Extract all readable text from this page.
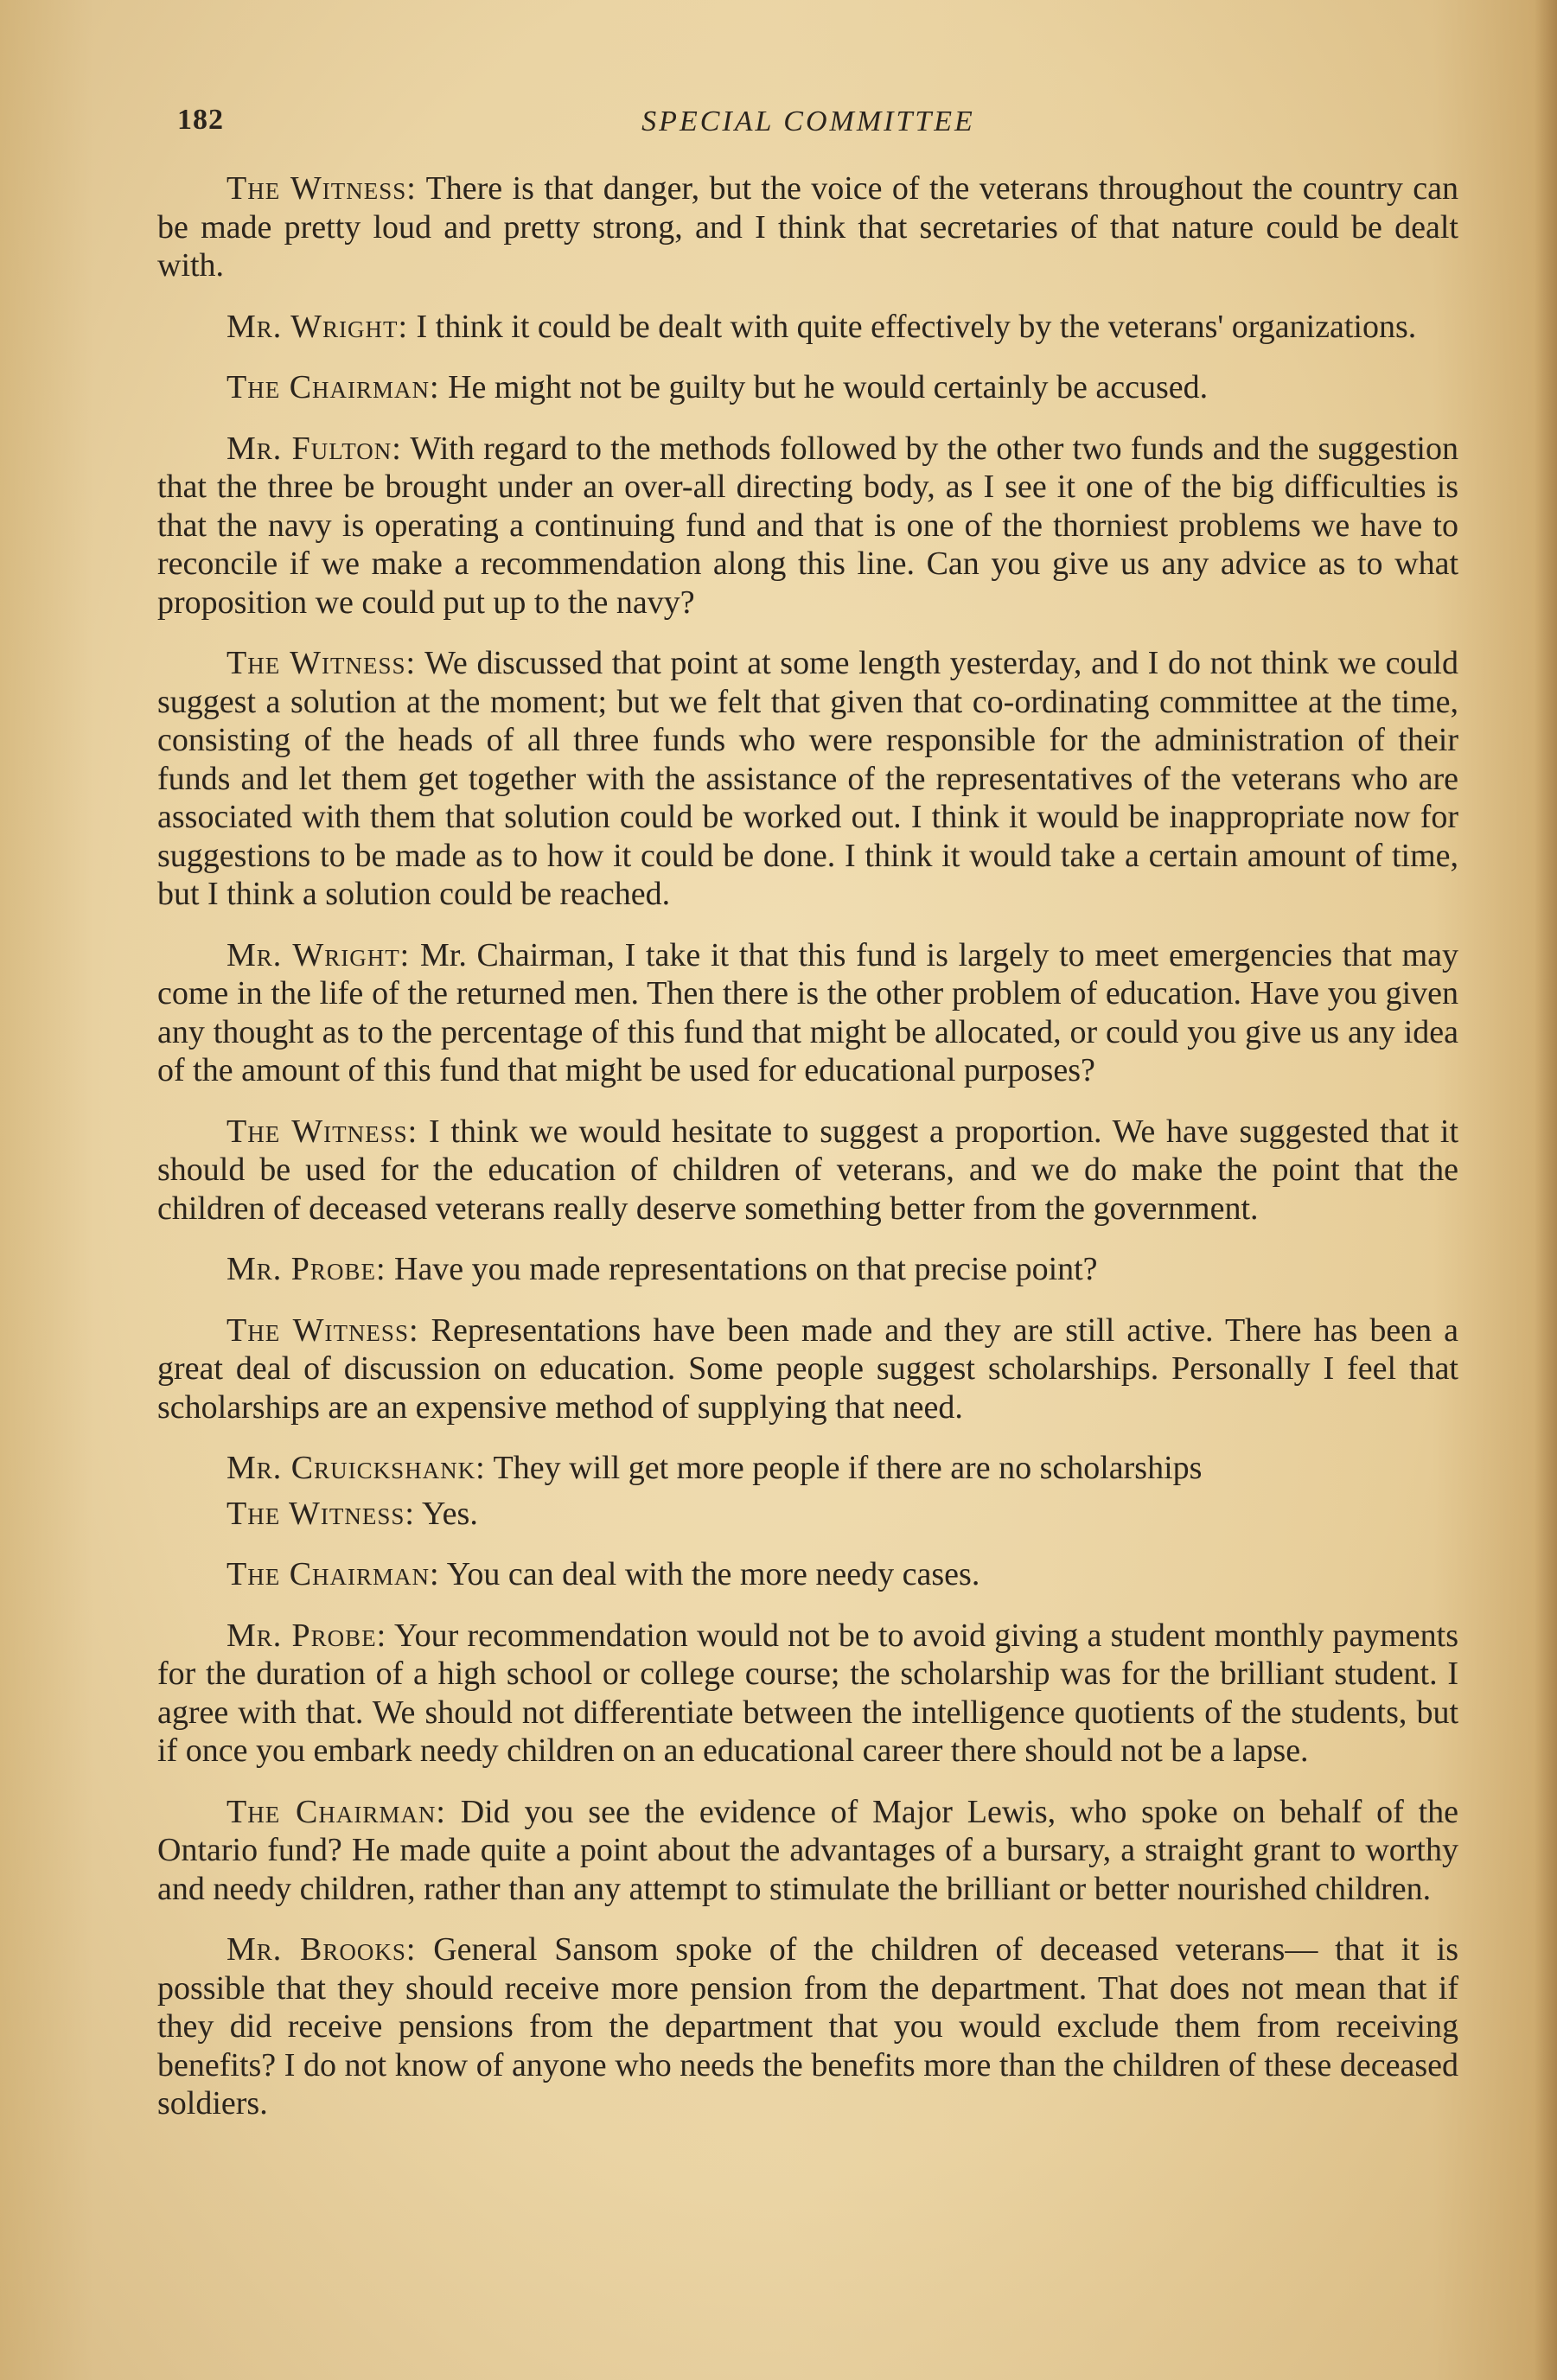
182	SPECIAL COMMITTEE

The Witness: There is that danger, but the voice of the veterans throughout the country can be made pretty loud and pretty strong, and I think that secretaries of that nature could be dealt with.

Mr. Wright: I think it could be dealt with quite effectively by the veterans' organizations.

The Chairman: He might not be guilty but he would certainly be accused.

Mr. Fulton: With regard to the methods followed by the other two funds and the suggestion that the three be brought under an over-all directing body, as I see it one of the big difficulties is that the navy is operating a continuing fund and that is one of the thorniest problems we have to reconcile if we make a recommendation along this line. Can you give us any advice as to what proposition we could put up to the navy?

The Witness: We discussed that point at some length yesterday, and I do not think we could suggest a solution at the moment; but we felt that given that co-ordinating committee at the time, consisting of the heads of all three funds who were responsible for the administration of their funds and let them get together with the assistance of the representatives of the veterans who are associated with them that solution could be worked out. I think it would be inappropriate now for suggestions to be made as to how it could be done. I think it would take a certain amount of time, but I think a solution could be reached.

Mr. Wright: Mr. Chairman, I take it that this fund is largely to meet emergencies that may come in the life of the returned men. Then there is the other problem of education. Have you given any thought as to the percentage of this fund that might be allocated, or could you give us any idea of the amount of this fund that might be used for educational purposes?

The Witness: I think we would hesitate to suggest a proportion. We have suggested that it should be used for the education of children of veterans, and we do make the point that the children of deceased veterans really deserve something better from the government.

Mr. Probe: Have you made representations on that precise point?

The Witness: Representations have been made and they are still active. There has been a great deal of discussion on education. Some people suggest scholarships. Personally I feel that scholarships are an expensive method of supplying that need.

Mr. Cruickshank: They will get more people if there are no scholarships

The Witness: Yes.

The Chairman: You can deal with the more needy cases.

Mr. Probe: Your recommendation would not be to avoid giving a student monthly payments for the duration of a high school or college course; the scholarship was for the brilliant student. I agree with that. We should not differentiate between the intelligence quotients of the students, but if once you embark needy children on an educational career there should not be a lapse.

The Chairman: Did you see the evidence of Major Lewis, who spoke on behalf of the Ontario fund? He made quite a point about the advantages of a bursary, a straight grant to worthy and needy children, rather than any attempt to stimulate the brilliant or better nourished children.

Mr. Brooks: General Sansom spoke of the children of deceased veterans— that it is possible that they should receive more pension from the department. That does not mean that if they did receive pensions from the department that you would exclude them from receiving benefits? I do not know of anyone who needs the benefits more than the children of these deceased soldiers.
